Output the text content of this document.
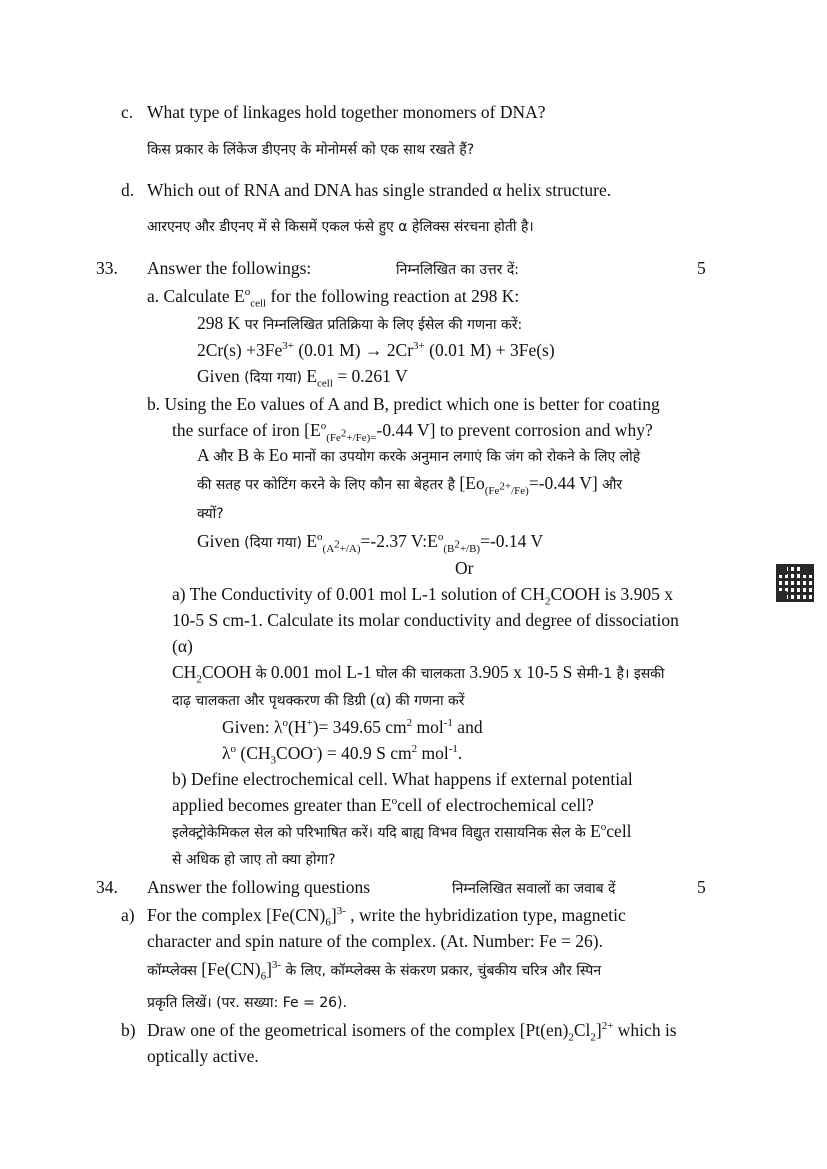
c. What type of linkages hold together monomers of DNA?
किस प्रकार के लिंकेज डीएनए के मोनोमर्स को एक साथ रखते हैं?
d. Which out of RNA and DNA has single stranded α helix structure.
आरएनए और डीएनए में से किसमें एकल फंसे हुए α हेलिक्स संरचना होती है।
33. Answer the followings:	निम्नलिखित का उत्तर दें:	5
a. Calculate $E^o_{cell}$ for the following reaction at 298 K:
298 K पर निम्नलिखित प्रतिक्रिया के लिए ईसेल की गणना करें:
$2Cr(s) +3Fe^{3+}$ (0.01 $M) \to 2Cr^{3+}$ (0.01 M) + 3Fe(s)
Given (दिया गया) $E_{cell} = 0.261$ V
b. Using the Eo values of A and B, predict which one is better for coating
the surface of iron [$E^o_{(Fe^2+/Fe)=}-0.44$ V] to prevent corrosion and why?
A और B के Eo मानों का उपयोग करके अनुमान लगाएं कि जंग को रोकने के लिए लोहे
की सतह पर कोटिंग करने के लिए कौन सा बेहतर है [$Eo_{(Fe^{2+}/Fe)}=-0.44$ V] और
क्यों?
Given (दिया गया) $E^o_{(A^2+/A)}=-2.37$ $V:E^o_{(B^2+/B)}=-0.14$ V
Or
a) The Conductivity of 0.001 mol L-1 solution of $CH_2COOH$ is 3.905 x
10-5 S cm-1. Calculate its molar conductivity and degree of dissociation
(α)
$CH_2COOH$ के 0.001 mol L-1 घोल की चालकता 3.905 x 10-5 S सेमी-1 है। इसकी
दाढ़ चालकता और पृथक्करण की डिग्री (α) की गणना करें
Given: $\lambda^o(H^+)= 349.65$ $cm^2$ mol$^{-1}$ and
$\lambda^o$ $(CH_3COO^-) = 40.9$ S $cm^2$ mol$^{-1}$.
b) Define electrochemical cell. What happens if external potential
applied becomes greater than $E^ocell$ of electrochemical cell?
इलेक्ट्रोकेमिकल सेल को परिभाषित करें। यदि बाह्य विभव विद्युत रासायनिक सेल के $E^ocell$
से अधिक हो जाए तो क्या होगा?
34. Answer the following questions	निम्नलिखित सवालों का जवाब दें	5
a) For the complex $[Fe(CN)_6]^{3-}$ , write the hybridization type, magnetic
character and spin nature of the complex. (At. Number: Fe = 26).
कॉम्प्लेक्स $[Fe(CN)_6]^{3-}$ के लिए, कॉम्प्लेक्स के संकरण प्रकार, चुंबकीय चरित्र और स्पिन
प्रकृति लिखें। (पर. सख्या: Fe = 26).
b) Draw one of the geometrical isomers of the complex $[Pt(en)_2Cl_2]^{2+}$ which is
optically active.
